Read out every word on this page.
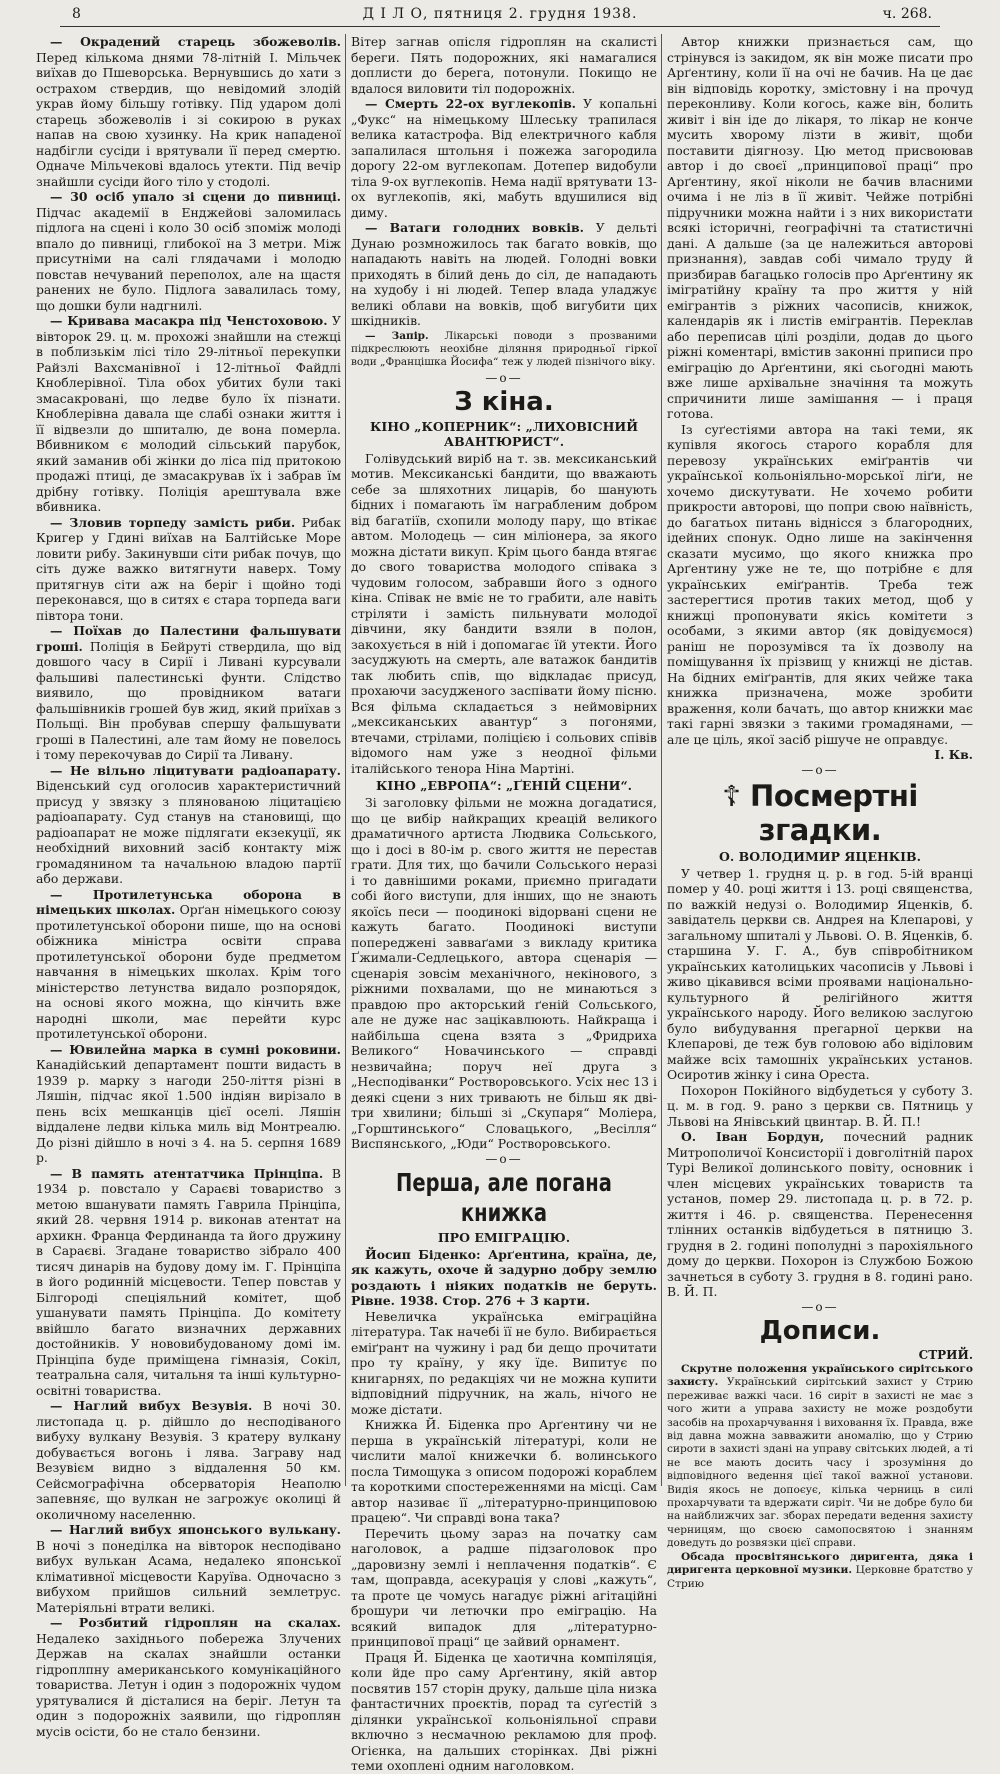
8	Д І Л О, пятниця 2. грудня 1938.	ч. 268.

— Окрадений старець збожеволів. Перед кількома днями 78-літній І. Мільчек виїхав до Пшеворська. Вернувшись до хати з острахом ствердив, що невідомий злодій украв йому більшу готівку. Під ударом долі старець збожеволів і зі сокирою в руках напав на свою хузинку. На крик нападеної надбігли сусіди і врятували її перед смертю. Одначе Мільчекові вдалось утекти. Під вечір знайшли сусіди його тіло у стодолі.

— 30 осіб упало зі сцени до пивниці. Підчас академії в Енджейові заломилась підлога на сцені і коло 30 осіб зпоміж молоді впало до пивниці, глибокої на 3 метри. Між присутніми на салі глядачами і молодю повстав нечуваний переполох, але на щастя ранених не було. Підлога завалилась тому, що дошки були надгнилі.

— Кривава масакра під Ченстоховою. У вівторок 29. ц. м. прохожі знайшли на стежці в поблизькім лісі тіло 29-літньої перекупки Райзлі Вахсманівної і 12-літньої Файдлі Кноблерівної. Тіла обох убитих були такі змасакровані, що ледве було їх пізнати. Кноблерівна давала ще слабі ознаки життя і її відвезли до шпиталю, де вона померла. Вбивником є молодий сільський парубок, який заманив обі жінки до ліса під притокою продажі птиці, де змасакрував їх і забрав їм дрібну готівку. Поліція арештувала вже вбивника.

— Зловив торпеду замість риби. Рибак Кригер у Гдині виїхав на Балтійське Море ловити рибу. Закинувши сіти рибак почув, що сіть дуже важко витягнути наверх. Тому притягнув сіти аж на беріг і щойно тоді переконався, що в ситях є стара торпеда ваги півтора тони.

— Поїхав до Палестини фальшувати гроші. Поліція в Бейруті ствердила, що від довшого часу в Сирії і Ливані курсували фальшиві палестинські фунти. Слідство виявило, що провідником ватаги фальшівників грошей був жид, який приїхав з Польщі. Він пробував спершу фальшувати гроші в Палестині, але там йому не повелось і тому перекочував до Сирії та Ливану.

— Не вільно ліцитувати радіоапарату. Віденський суд оголосив характеристичний присуд у звязку з плянованою ліцитацією радіоапарату. Суд станув на становищі, що радіоапарат не може підлягати екзекуції, як необхідний виховний засіб контакту між громадянином та начальною владою партії або держави.

— Протилетунська оборона в німецьких школах. Орґан німецького союзу протилетунської оборони пише, що на основі обіжника міністра освіти справа протилетунської оборони буде предметом навчання в німецьких школах. Крім того міністерство летунства видало розпорядок, на основі якого можна, що кінчить вже народні школи, має перейти курс протилетунської оборони.

— Ювилейна марка в сумні роковини. Канадійський департамент пошти видасть в 1939 р. марку з нагоди 250-ліття різні в Ляшін, підчас якої 1.500 індіян вирізало в пень всіх мешканців цієї оселі. Ляшін віддалене ледви кілька миль від Монтреалю. До різні дійшло в ночі з 4. на 5. серпня 1689 р.

— В память атентатчика Прінціпа. В 1934 р. повстало у Сараєві товариство з метою вшанувати память Гаврила Прінціпа, який 28. червня 1914 р. виконав атентат на архикн. Франца Фердинанда та його дружину в Сараєві. Згадане товариство зібрало 400 тисяч динарів на будову дому ім. Г. Прінціпа в його родинній місцевости. Тепер повстав у Білгороді спеціяльний комітет, щоб ушанувати память Прінціпа. До комітету ввійшло багато визначних державних достойників. У нововибудованому домі ім. Прінціпа буде приміщена гімназія, Сокіл, театральна саля, читальня та інші культурно-освітні товариства.

— Наглий вибух Везувія. В ночі 30. листопада ц. р. дійшло до несподіваного вибуху вулкану Везувія. З кратеру вулкану добувається вогонь і лява. Заграву над Везувієм видно з віддалення 50 км. Сейсмографічна обсерваторія Неаполю запевняє, що вулкан не загрожує околиці й околичному населенню.

— Наглий вибух японського вулькану. В ночі з понеділка на вівторок несподівано вибух вулькан Асама, недалеко японської клімативної місцевости Каруїва. Одночасно з вибухом прийшов сильний землетрус. Матеріяльні втрати великі.

— Розбитий гідроплян на скалах. Недалеко західнього побережа Злучених Держав на скалах знайшли останки гідроплпну американського комунікаційного товариства. Летун і один з подорожніх чудом урятувалися й дісталися на беріг. Летун та один з подорожніх заявили, що гідроплян мусів осісти, бо не стало бензини.

Вітер загнав опісля гідроплян на скалисті береги. Пять подорожних, які намагалися доплисти до берега, потонули. Покищо не вдалося виловити тіл подорожніх.

— Смерть 22-ох вуглекопів. У копальні „Фукс“ на німецькому Шлеську трапилася велика катастрофа. Від електричного кабля запалилася штольня і пожежа загородила дорогу 22-ом вуглекопам. Дотепер видобули тіла 9-ох вуглекопів. Нема надії врятувати 13-ох вуглекопів, які, мабуть вдушилися від диму.

— Ватаги голодних вовків. У дельті Дунаю розмножилось так багато вовків, що нападають навіть на людей. Голодні вовки приходять в білий день до сіл, де нападають на худобу і ні людей. Тепер влада уладжує великі облави на вовків, щоб вигубити цих шкідників.

— Запір. Лікарські поводи з прозваними підкреслюють неохібне діляння природньої гіркої води „Францішка Йосифа“ теж у людей пізнічого віку.
—o—
З кіна.
КІНО „КОПЕРНИК“: „ЛИХОВІСНИЙ АВАНТЮРИСТ“.

Голівудський виріб на т. зв. мексиканський мотив. Мексиканські бандити, що вважають себе за шляхотних лицарів, бо шанують бідних і помагають їм награбленим добром від багатіїв, схопили молоду пару, що втікає автом. Молодець — син міліонера, за якого можна дістати викуп. Крім цього банда втягає до свого товариства молодого співака з чудовим голосом, забравши його з одного кіна. Співак не вміє не то грабити, але навіть стріляти і замість пильнувати молодої дівчини, яку бандити взяли в полон, закохується в ній і допомагає їй утекти. Його засуджують на смерть, але ватажок бандитів так любить спів, що відкладає присуд, прохаючи засудженого заспівати йому пісню. Вся фільма складається з неймовірних „мексиканських авантур“ з погонями, втечами, стрілами, поліцією і сольових співів відомого нам уже з неодної фільми італійського тенора Ніна Мартіні.

КІНО „ЕВРОПА“: „ҐЕНІЙ СЦЕНИ“.

Зі заголовку фільми не можна догадатися, що це вибір найкращих креацій великого драматичного артиста Людвика Сольського, що і досі в 80-ім р. свого життя не перестав грати. Для тих, що бачили Сольського неразі і то давнішими роками, приємно пригадати собі його виступи, для інших, що не знають якоїсь песи — поодинокі відорвані сцени не кажуть багато. Поодинокі виступи попереджені завваґами з викладу критика Ґжимали-Седлецького, автора сценарія — сценарія зовсім механічного, некінового, з ріжними похвалами, що не минаються з правдою про акторський ґеній Сольського, але не дуже нас зацікавлюють. Найкраща і найбільша сцена взята з „Фридриха Великого“ Новачинського — справді незвичайна; поруч неї друга з „Несподіванки“ Ростворовського. Усіх нес 13 і деякі сцени з них тривають не більш як дві-три хвилини; більші зі „Скупаря“ Моліера, „Горштинського“ Словацького, „Весілля“ Виспянського, „Юди“ Ростворовського.

—o—
Перша, але погана книжка
ПРО ЕМІГРАЦІЮ.

Йосип Біденко: Арґентина, країна, де, як кажуть, охоче й задурно добру землю роздають і ніяких податків не беруть. Рівне. 1938. Стор. 276 + 3 карти.

Невеличка українська еміграційна література. Так начебі її не було. Вибирається еміґрант на чужину і рад би дещо прочитати про ту країну, у яку їде. Випитує по книгарнях, по редакціях чи не можна купити відповідний підручник, на жаль, нічого не може дістати.

Книжка Й. Біденка про Арґентину чи не перша в українській літературі, коли не числити малої книжечки б. волинського посла Тимощука з описом подорожі кораблем та короткими спостереженнями на місці. Сам автор називає її „літературно-принциповою працею“. Чи справді вона така?

Перечить цьому зараз на початку сам наголовок, а радше підзаголовок про „даровизну землі і неплачення податків“. Є там, щоправда, асекурація у слові „кажуть“, та проте це чомусь нагадує ріжні агітаційні брошури чи летючки про еміграцію. На всякий випадок для „літературно-принципової праці“ це зайвий орнамент.

Праця Й. Біденка це хаотична компіляція, коли йде про саму Арґентину, якій автор посвятив 157 сторін друку, дальше ціла низка фантастичних проєктів, порад та суґестій з ділянки української кольоніяльної справи включно з несмачною рекламою для проф. Огієнка, на дальших сторінках. Дві ріжні теми охоплені одним наголовком.

Автор книжки признається сам, що стрінувся із закидом, як він може писати про Арґентину, коли її на очі не бачив. На це дає він відповідь коротку, змістовну і на прочуд переконливу. Коли когось, каже він, болить живіт і він іде до лікаря, то лікар не конче мусить хворому лізти в живіт, щоби поставити діягнозу. Цю метод присвоював автор і до своєї „принципової праці“ про Арґентину, якої ніколи не бачив власними очима і не ліз в її живіт. Чейже потрібні підручники можна найти і з них використати всякі історичні, географічні та статистичні дані. А дальше (за це належиться авторові признання), завдав собі чимало труду й призбирав багацько голосів про Арґентину як імігратійну країну та про життя у ній емігрантів з ріжних часописів, книжок, календарів як і листів емігрантів. Переклав або переписав цілі розділи, додав до цього ріжні коментарі, вмістив законні приписи про еміграцію до Арґентини, які сьогодні мають вже лише архівальне значіння та можуть спричинити лише замішання — і праця готова.

Із суґестіями автора на такі теми, як купівля якогось старого корабля для перевозу українських еміґрантів чи української кольоніяльно-морської ліґи, не хочемо дискутувати. Не хочемо робити прикрости авторові, що попри свою наївність, до багатьох питань віднісся з благородних, ідейних спонук. Одно лише на закінчення сказати мусимо, що якого книжка про Арґентину уже не те, що потрібне є для українських еміґрантів. Треба теж застерегтися против таких метод, щоб у книжці пропонувати якісь комітети з особами, з якими автор (як довідуємося) раніш не порозумівся та їх дозволу на поміщування їх прізвищ у книжці не дістав. На бідних еміґрантів, для яких чейже така книжка призначена, може зробити враження, коли бачать, що автор книжки має такі гарні звязки з такими громадянами, — але це ціль, якої засіб рішуче не оправдує.

І. Кв.
—o—
☦ Посмертні згадки.
О. ВОЛОДИМИР ЯЦЕНКІВ.

У четвер 1. грудня ц. р. в год. 5-ій вранці помер у 40. році життя і 13. році священства, по важкій недузі о. Володимир Яценків, б. завідатель церкви св. Андрея на Клепарові, у загальному шпиталі у Львові. О. В. Яценків, б. старшина У. Г. А., був співробітником українських католицьких часописів у Львові і живо цікавився всіми проявами національно-культурного й релігійного життя українського народу. Його великою заслугою було вибудування прегарної церкви на Клепарові, де теж був головою або віділовим майже всіх тамошніх українських установ. Осиротив жінку і сина Ореста.

Похорон Покійного відбудеться у суботу 3. ц. м. в год. 9. рано з церкви св. Пятниць у Львові на Янівський цвинтар. В. Й. П.!

О. Іван Бордун, почесний радник Митрополичої Консисторії і довголітній парох Турі Великої долинського повіту, основник і член місцевих українських товариств та установ, помер 29. листопада ц. р. в 72. р. життя і 46. р. священства. Перенесення тлінних останків відбудеться в пятницю 3. грудня в 2. годині пополудні з парохіяльного дому до церкви. Похорон із Службою Божою зачнеться в суботу 3. грудня в 8. годині рано. В. Й. П.

—o—
Дописи.
СТРИЙ.

Скрутне положення українського сирітського захисту. Український сирітський захист у Стрию переживає важкі часи. 16 сиріт в захисті не має з чого жити а управа захисту не може роздобути засобів на прохарчування і виховання їх. Правда, вже від давна можна завважити аномалію, що у Стрию сироти в захисті здані на управу світських людей, а ті не все мають досить часу і зрозуміння до відповідного ведення цієї такої важної установи. Видія якось не допоєує, кілька черниць в силі прохарчувати та вдержати сиріт. Чи не добре було би на найближчих заг. зборах передати ведення захисту черницям, що своєю самопосвятою і знанням доведуть до розвязки цієї справи.

Обсада просвітянського диригента, дяка і диригента церковної музики. Церковне братство у Стрию
